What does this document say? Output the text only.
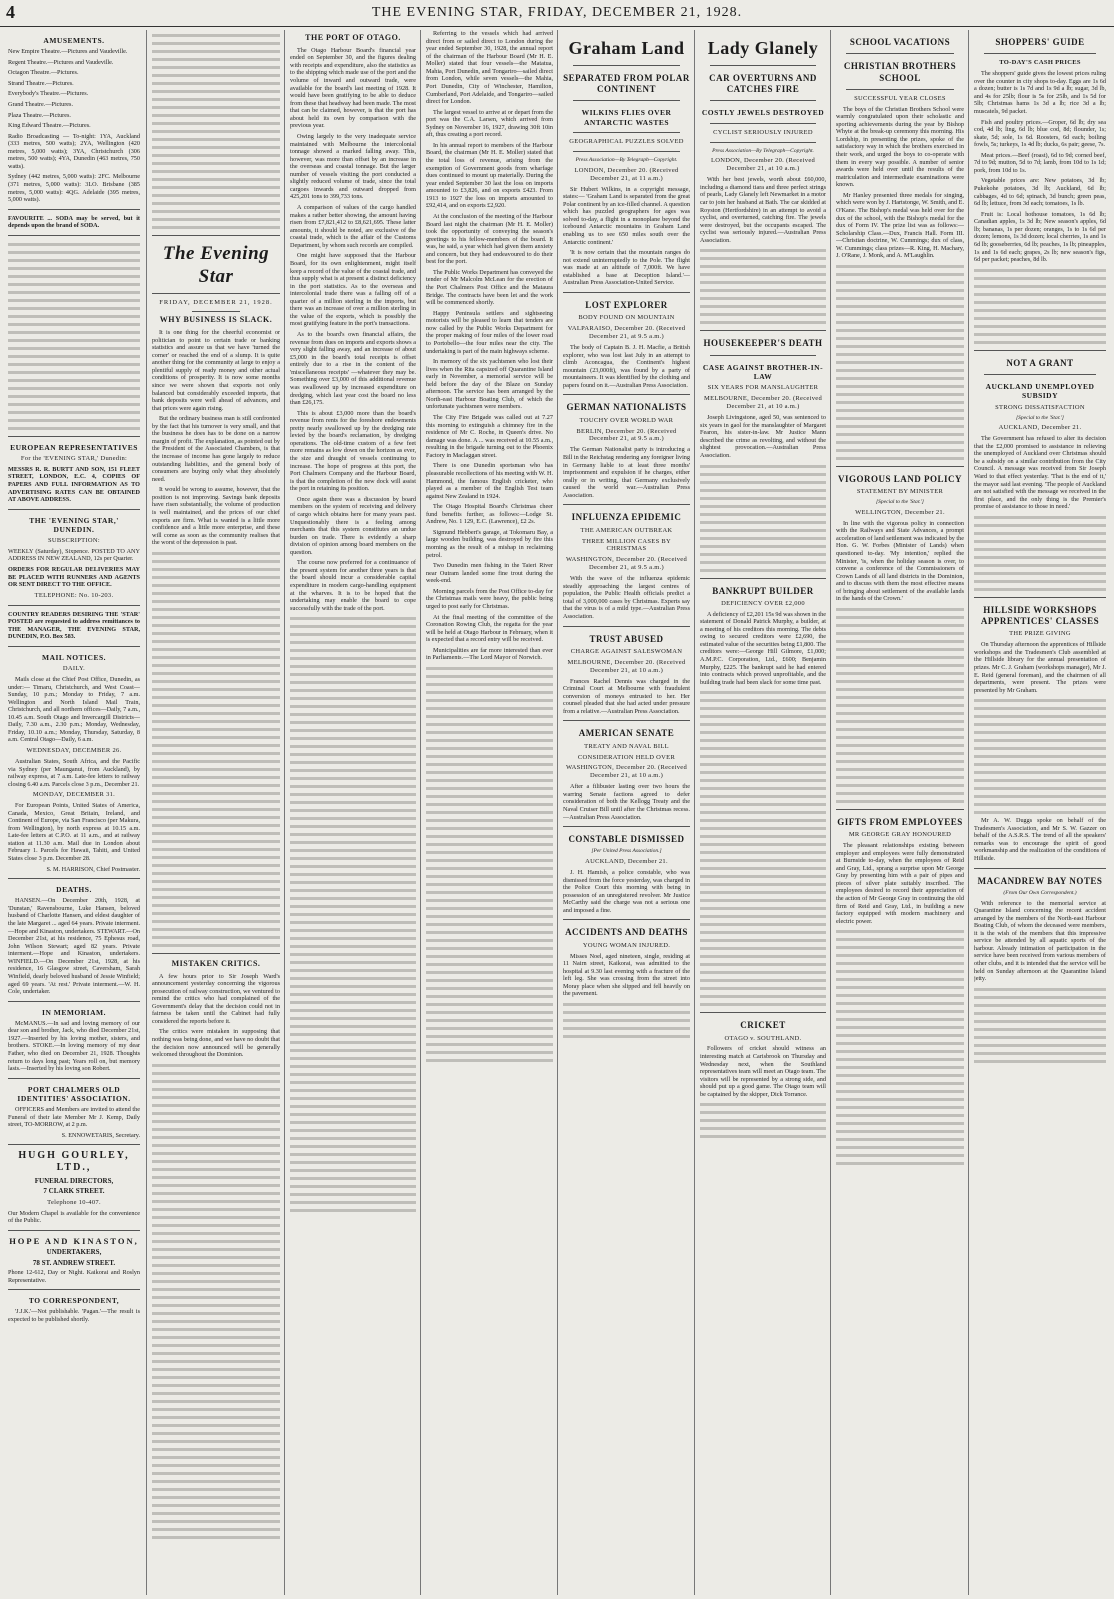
4	THE EVENING STAR, FRIDAY, DECEMBER 21, 1928.
AMUSEMENTS.

New Empire Theatre.—Pictures and Vaudeville.

Regent Theatre.—Pictures and Vaudeville.

Octagon Theatre.—Pictures.

Strand Theatre.—Pictures.

Everybody's Theatre.—Pictures.

Grand Theatre.—Pictures.

Plaza Theatre.—Pictures.

King Edward Theatre.—Pictures.

Radio Broadcasting — To-night: 1YA, Auckland (333 metres, 500 watts); 2YA, Wellington (420 metres, 5,000 watts); 3YA, Christchurch (306 metres, 500 watts); 4YA, Dunedin (463 metres, 750 watts).

Sydney (442 metres, 5,000 watts): 2FC. Melbourne (371 metres, 5,000 watts): 3LO. Brisbane (385 metres, 5,000 watts): 4QG. Adelaide (395 metres, 5,000 watts).

FAVOURITE ... SODA may be served, but it depends upon the brand of SODA.

EUROPEAN REPRESENTATIVES
For the 'EVENING STAR,' Dunedin:

MESSRS R. R. BURTT AND SON, 151 FLEET STREET, LONDON, E.C. 4, COPIES OF PAPERS AND FULL INFORMATION AS TO ADVERTISING RATES CAN BE OBTAINED AT ABOVE ADDRESS.

THE 'EVENING STAR,' DUNEDIN.
SUBSCRIPTION:

WEEKLY (Saturday), Sixpence. POSTED TO ANY ADDRESS IN NEW ZEALAND, 12s per Quarter.

ORDERS FOR REGULAR DELIVERIES MAY BE PLACED WITH RUNNERS AND AGENTS OR SENT DIRECT TO THE OFFICE.

TELEPHONE: No. 10-203.

COUNTRY READERS DESIRING THE 'STAR' POSTED are requested to address remittances to THE MANAGER, THE EVENING STAR, DUNEDIN, P.O. Box 583.

MAIL NOTICES.
DAILY.

Mails close at the Chief Post Office, Dunedin, as under:— Timaru, Christchurch, and West Coast—Sunday, 10 p.m.; Monday to Friday, 7 a.m. Wellington and North Island Mail Train, Christchurch, and all northern offices—Daily, 7 a.m., 10.45 a.m. South Otago and Invercargill Districts—Daily, 7.30 a.m., 2.30 p.m.; Monday, Wednesday, Friday, 10.10 a.m.; Monday, Thursday, Saturday, 8 a.m. Central Otago—Daily, 6 a.m.

WEDNESDAY, DECEMBER 26.

Australian States, South Africa, and the Pacific via Sydney (per Maunganui, from Auckland), by railway express, at 7 a.m. Late-fee letters to railway closing 6.40 a.m. Parcels close 3 p.m., December 21.

MONDAY, DECEMBER 31.

For European Points, United States of America, Canada, Mexico, Great Britain, Ireland, and Continent of Europe, via San Francisco (per Makura, from Wellington), by north express at 10.15 a.m. Late-fee letters at C.P.O. at 11 a.m., and at railway station at 11.30 a.m. Mail due in London about February 1. Parcels for Hawaii, Tahiti, and United States close 3 p.m. December 28.

S. M. HARRISON, Chief Postmaster.

DEATHS.

HANSEN.—On December 20th, 1928, at 'Dunstan,' Ravensbourne, Luke Hansen, beloved husband of Charlotte Hansen, and eldest daughter of the late Margaret ... aged 64 years. Private interment.—Hope and Kinaston, undertakers. STEWART.—On December 21st, at his residence, 75 Ephesus road, John Wilson Stewart; aged 82 years. Private interment.—Hope and Kinaston, undertakers. WINFIELD.—On December 21st, 1928, at his residence, 16 Glasgow street, Caversham, Sarah Winfield, dearly beloved husband of Jessie Winfield; aged 69 years. 'At rest.' Private interment.—W. H. Cole, undertaker.

IN MEMORIAM.

McMANUS.—In sad and loving memory of our dear son and brother, Jack, who died December 21st, 1927.—Inserted by his loving mother, sisters, and brothers. STOKE.—In loving memory of my dear Father, who died on December 21, 1928. Thoughts return to days long past; Years roll on, but memory lasts.—Inserted by his loving son Robert.

PORT CHALMERS OLD IDENTITIES' ASSOCIATION.

OFFICERS and Members are invited to attend the Funeral of their late Member Mr J. Kemp, Daily street, TO-MORROW, at 2 p.m.

S. ENNOWETARIS, Secretary.

HUGH GOURLEY, LTD.,
FUNERAL DIRECTORS,
7 CLARK STREET.
Telephone 10-407.

Our Modern Chapel is available for the convenience of the Public.

HOPE AND KINASTON,
UNDERTAKERS,
78 ST. ANDREW STREET.

Phone 12-612, Day or Night. Kaikorai and Roslyn Representative.

TO CORRESPONDENT,

'J.J.K.'—Not publishable. 'Pagan.'—The result is expected to be published shortly.

The Evening Star
FRIDAY, DECEMBER 21, 1928.
WHY BUSINESS IS SLACK.

It is one thing for the cheerful economist or politician to point to certain trade or banking statistics and assure us that we have 'turned the corner' or reached the end of a slump. It is quite another thing for the community at large to enjoy a plentiful supply of ready money and other actual conditions of prosperity. It is now some months since we were shown that exports not only balanced but considerably exceeded imports, that bank deposits were well ahead of advances, and that prices were again rising.

But the ordinary business man is still confronted by the fact that his turnover is very small, and that the business he does has to be done on a narrow margin of profit. The explanation, as pointed out by the President of the Associated Chambers, is that the increase of income has gone largely to reduce outstanding liabilities, and the general body of consumers are buying only what they absolutely need.

It would be wrong to assume, however, that the position is not improving. Savings bank deposits have risen substantially, the volume of production is well maintained, and the prices of our chief exports are firm. What is wanted is a little more confidence and a little more enterprise, and these will come as soon as the community realises that the worst of the depression is past.

MISTAKEN CRITICS.

A few hours prior to Sir Joseph Ward's announcement yesterday concerning the vigorous prosecution of railway construction, we ventured to remind the critics who had complained of the Government's delay that the decision could not in fairness be taken until the Cabinet had fully considered the reports before it.

The critics were mistaken in supposing that nothing was being done, and we have no doubt that the decision now announced will be generally welcomed throughout the Dominion.

THE PORT OF OTAGO.

The Otago Harbour Board's financial year ended on September 30, and the figures dealing with receipts and expenditure, also the statistics as to the shipping which made use of the port and the volume of inward and outward trade, were available for the board's last meeting of 1928. It would have been gratifying to be able to deduce from these that headway had been made. The most that can be claimed, however, is that the port has about held its own by comparison with the previous year.

Owing largely to the very inadequate service maintained with Melbourne the intercolonial tonnage showed a marked falling away. This, however, was more than offset by an increase in the overseas and coastal tonnage. But the larger number of vessels visiting the port conducted a slightly reduced volume of trade, since the total cargoes inwards and outward dropped from 425,201 tons to 399,733 tons.

A comparison of values of the cargo handled makes a rather better showing, the amount having risen from £7,821,412 to £8,621,695. These latter amounts, it should be noted, are exclusive of the coastal trade, which is the affair of the Customs Department, by whom such records are compiled.

One might have supposed that the Harbour Board, for its own enlightenment, might itself keep a record of the value of the coastal trade, and thus supply what is at present a distinct deficiency in the port statistics. As to the overseas and intercolonial trade there was a falling off of a quarter of a million sterling in the imports, but there was an increase of over a million sterling in the value of the exports, which is possibly the most gratifying feature in the port's transactions.

As to the board's own financial affairs, the revenue from dues on imports and exports shows a very slight falling away, and an increase of about £5,000 in the board's total receipts is offset entirely due to a rise in the content of the 'miscellaneous receipts' —whatever they may be. Something over £3,000 of this additional revenue was swallowed up by increased expenditure on dredging, which last year cost the board no less than £26,175.

This is about £3,000 more than the board's revenue from rents for the foreshore endowments pretty nearly swallowed up by the dredging rate levied by the board's reclamation, by dredging operations. The old-time custom of a few feet more remains as low down on the horizon as ever, the size and draught of vessels continuing to increase. The hope of progress at this port, the Port Chalmers Company and the Harbour Board, is that the completion of the new dock will assist the port in retaining its position.

Once again there was a discussion by board members on the system of receiving and delivery of cargo which obtains here for many years past. Unquestionably there is a feeling among merchants that this system constitutes an undue burden on trade. There is evidently a sharp division of opinion among board members on the question.

The course now preferred for a continuance of the present system for another three years is that the board should incur a considerable capital expenditure in modern cargo-handling equipment at the wharves. It is to be hoped that the undertaking may enable the board to cope successfully with the trade of the port.

Referring to the vessels which had arrived direct from or sailed direct to London during the year ended September 30, 1928, the annual report of the chairman of the Harbour Board (Mr H. E. Moller) stated that four vessels—the Matatua, Mahia, Port Dunedin, and Tongariro—sailed direct from London, while seven vessels—the Mahia, Port Dunedin, City of Winchester, Hamilton, Cumberland, Port Adelaide, and Tongariro—sailed direct for London.

The largest vessel to arrive at or depart from the port was the C.A. Larsen, which arrived from Sydney on November 16, 1927, drawing 30ft 10in aft, thus creating a port record.

In his annual report to members of the Harbour Board, the chairman (Mr H. E. Moller) stated that the total loss of revenue, arising from the exemption of Government goods from wharfage dues continued to mount up materially. During the year ended September 30 last the loss on imports amounted to £3,826, and on exports £423. From 1913 to 1927 the loss on imports amounted to £92,414, and on exports £2,920.

At the conclusion of the meeting of the Harbour Board last night the chairman (Mr H. E. Moller) took the opportunity of conveying the season's greetings to his fellow-members of the board. It was, he said, a year which had given them anxiety and concern, but they had endeavoured to do their best for the port.

The Public Works Department has conveyed the tender of Mr Malcolm McLean for the erection of the Port Chalmers Post Office and the Mataura Bridge. The contracts have been let and the work will be commenced shortly.

Happy Peninsula settlers and sightseeing motorists will be pleased to learn that tenders are now called by the Public Works Department for the proper making of four miles of the lower road to Portobello—the four miles near the city. The undertaking is part of the main highways scheme.

In memory of the six yachtsmen who lost their lives when the Rita capsized off Quarantine Island early in November, a memorial service will be held before the day of the Blaze on Sunday afternoon. The service has been arranged by the North-east Harbour Boating Club, of which the unfortunate yachtsmen were members.

The City Fire Brigade was called out at 7.27 this morning to extinguish a chimney fire in the residence of Mr C. Roche, in Queen's drive. No damage was done. A ... was received at 10.55 a.m., resulting in the brigade turning out to the Phoenix Factory in Maclaggan street.

There is one Dunedin sportsman who has pleasurable recollections of his meeting with W. H. Hammond, the famous English cricketer, who played as a member of the English Test team against New Zealand in 1924.

The Otago Hospital Board's Christmas cheer fund benefits further, as follows:—Lodge St. Andrew, No. 1 129, E.C. (Lawrence), £2 2s.

Sigmund Hebbert's garage, at Tokomaru Bay, a large wooden building, was destroyed by fire this morning as the result of a mishap in reclaiming petrol.

Two Dunedin men fishing in the Taieri River near Outram landed some fine trout during the week-end.

Morning parcels from the Post Office to-day for the Christmas mails were heavy, the public being urged to post early for Christmas.

At the final meeting of the committee of the Coronation Rowing Club, the regatta for the year will be held at Otago Harbour in February, when it is expected that a record entry will be received.

Municipalities are far more interested than ever in Parliaments.—The Lord Mayor of Norwich.

Graham Land
SEPARATED FROM POLAR CONTINENT
WILKINS FLIES OVER ANTARCTIC WASTES
GEOGRAPHICAL PUZZLES SOLVED
Press Association—By Telegraph—Copyright.
LONDON, December 20. (Received December 21, at 11 a.m.)

Sir Hubert Wilkins, in a copyright message, states:— 'Graham Land is separated from the great Polar continent by an ice-filled channel. A question which has puzzled geographers for ages was solved to-day, a flight in a monoplane beyond the icebound Antarctic mountains in Graham Land enabling us to see 650 miles south over the Antarctic continent.'

'It is now certain that the mountain ranges do not extend uninterruptedly to the Pole. The flight was made at an altitude of 7,000ft. We have established a base at Deception Island.'—Australian Press Association-United Service.

LOST EXPLORER
BODY FOUND ON MOUNTAIN
VALPARAISO, December 20. (Received December 21, at 9.5 a.m.)

The body of Captain B. J. H. Macfie, a British explorer, who was lost last July in an attempt to climb Aconcagua, the Continent's highest mountain (23,000ft), was found by a party of mountaineers. It was identified by the clothing and papers found on it.—Australian Press Association.

GERMAN NATIONALISTS
TOUCHY OVER WORLD WAR
BERLIN, December 20. (Received December 21, at 9.5 a.m.)

The German Nationalist party is introducing a Bill in the Reichstag rendering any foreigner living in Germany liable to at least three months' imprisonment and expulsion if he charges, either orally or in writing, that Germany exclusively caused the world war.—Australian Press Association.

INFLUENZA EPIDEMIC
THE AMERICAN OUTBREAK
THREE MILLION CASES BY CHRISTMAS
WASHINGTON, December 20. (Received December 21, at 9.5 a.m.)

With the wave of the influenza epidemic steadily approaching the largest centres of population, the Public Health officials predict a total of 3,000,000 cases by Christmas. Experts say that the virus is of a mild type.—Australian Press Association.

TRUST ABUSED
CHARGE AGAINST SALESWOMAN
MELBOURNE, December 20. (Received December 21, at 10 a.m.)

Frances Rachel Dennis was charged in the Criminal Court at Melbourne with fraudulent conversion of moneys entrusted to her. Her counsel pleaded that she had acted under pressure from a relative.—Australian Press Association.

AMERICAN SENATE
TREATY AND NAVAL BILL
CONSIDERATION HELD OVER
WASHINGTON, December 20. (Received December 21, at 10 a.m.)

After a filibuster lasting over two hours the warring Senate factions agreed to defer consideration of both the Kellogg Treaty and the Naval Cruiser Bill until after the Christmas recess.—Australian Press Association.

CONSTABLE DISMISSED
[Per United Press Association.]
AUCKLAND, December 21.

J. H. Hamish, a police constable, who was dismissed from the force yesterday, was charged in the Police Court this morning with being in possession of an unregistered revolver. Mr Justice McCarthy said the charge was not a serious one and imposed a fine.

ACCIDENTS AND DEATHS
YOUNG WOMAN INJURED.

Misses Noel, aged nineteen, single, residing at 11 Nairn street, Kaikorai, was admitted to the hospital at 9.30 last evening with a fracture of the left leg. She was crossing from the street into Moray place when she slipped and fell heavily on the pavement.

Lady Glanely
CAR OVERTURNS AND CATCHES FIRE
COSTLY JEWELS DESTROYED
CYCLIST SERIOUSLY INJURED
Press Association—By Telegraph—Copyright.
LONDON, December 20. (Received December 21, at 10 a.m.)

With her best jewels, worth about £60,000, including a diamond tiara and three perfect strings of pearls, Lady Glanely left Newmarket in a motor car to join her husband at Bath. The car skidded at Royston (Hertfordshire) in an attempt to avoid a cyclist, and overturned, catching fire. The jewels were destroyed, but the occupants escaped. The cyclist was seriously injured.—Australian Press Association.

HOUSEKEEPER'S DEATH
CASE AGAINST BROTHER-IN-LAW
SIX YEARS FOR MANSLAUGHTER
MELBOURNE, December 20. (Received December 21, at 10 a.m.)

Joseph Livingstone, aged 50, was sentenced to six years in gaol for the manslaughter of Margaret Fearon, his sister-in-law. Mr Justice Mann described the crime as revolting, and without the slightest provocation.—Australian Press Association.

BANKRUPT BUILDER
DEFICIENCY OVER £2,000

A deficiency of £2,201 15s 9d was shown in the statement of Donald Patrick Murphy, a builder, at a meeting of his creditors this morning. The debts owing to secured creditors were £2,690, the estimated value of the securities being £1,800. The creditors were:—George Hill Gilmore, £1,000; A.M.P.C. Corporation, Ltd., £600; Benjamin Murphy, £225. The bankrupt said he had entered into contracts which proved unprofitable, and the building trade had been slack for some time past.

CRICKET
OTAGO v. SOUTHLAND.

Followers of cricket should witness an interesting match at Carisbrook on Thursday and Wednesday next, when the Southland representatives team will meet an Otago team. The visitors will be represented by a strong side, and should put up a good game. The Otago team will be captained by the skipper, Dick Torrance.

SCHOOL VACATIONS
CHRISTIAN BROTHERS SCHOOL
SUCCESSFUL YEAR CLOSES

The boys of the Christian Brothers School were warmly congratulated upon their scholastic and sporting achievements during the year by Bishop Whyte at the break-up ceremony this morning. His Lordship, in presenting the prizes, spoke of the satisfactory way in which the brothers exercised in their work, and urged the boys to co-operate with them in every way possible. A number of senior awards were held over until the results of the matriculation and intermediate examinations were known.

Mr Hanley presented three medals for singing, which were won by J. Hartstonge, W. Smith, and E. O'Kane. The Bishop's medal was held over for the dux of the school, with the Bishop's medal for the dux of Form IV. The prize list was as follows:—Scholarship Class.—Dux, Francis Hall. Form III.—Christian doctrine, W. Cummings; dux of class, W. Cummings; class prizes—R. King, H. Machary, J. O'Rane, J. Monk, and A. M'Laughlin.

VIGOROUS LAND POLICY
STATEMENT BY MINISTER
[Special to the 'Star.']
WELLINGTON, December 21.

In line with the vigorous policy in connection with the Railways and State Advances, a prompt acceleration of land settlement was indicated by the Hon. G. W. Forbes (Minister of Lands) when questioned to-day. 'My intention,' replied the Minister, 'is, when the holiday season is over, to convene a conference of the Commissioners of Crown Lands of all land districts in the Dominion, and to discuss with them the most effective means of bringing about settlement of the available lands in the hands of the Crown.'

GIFTS FROM EMPLOYEES
MR GEORGE GRAY HONOURED

The pleasant relationships existing between employer and employees were fully demonstrated at Burnside to-day, when the employees of Reid and Gray, Ltd., sprang a surprise upon Mr George Gray by presenting him with a pair of pipes and pieces of silver plate suitably inscribed. The employees desired to record their appreciation of the action of Mr George Gray in continuing the old firm of Reid and Gray, Ltd., in building a new factory equipped with modern machinery and electric power.

SHOPPERS' GUIDE
TO-DAY'S CASH PRICES

The shoppers' guide gives the lowest prices ruling over the counter in city shops to-day. Eggs are 1s 6d a dozen; butter is 1s 7d and 1s 9d a lb; sugar, 3d lb, and 4s for 25lb; flour is 5s for 25lb, and 1s 5d for 5lb; Christmas hams 1s 3d a lb; rice 3d a lb; muscatels, 9d packet.

Fish and poultry prices.—Groper, 6d lb; dry sea cod, 4d lb; ling, 6d lb; blue cod, 8d; flounder, 1s; skate, 5d; sole, 1s 6d. Roosters, 6d each; boiling fowls, 5s; turkeys, 1s 4d lb; ducks, 6s pair; geese, 7s.

Meat prices.—Beef (roast), 6d to 9d; corned beef, 7d to 9d; mutton, 5d to 7d; lamb, from 10d to 1s 1d; pork, from 10d to 1s.

Vegetable prices are: New potatoes, 3d lb; Pukekohe potatoes, 3d lb; Auckland, 6d lb; cabbages, 4d to 6d; spinach, 3d bunch; green peas, 6d lb; lettuce, from 3d each; tomatoes, 1s lb.

Fruit is: Local hothouse tomatoes, 1s 6d lb; Canadian apples, 1s 3d lb; New season's apples, 6d lb; bananas, 1s per dozen; oranges, 1s to 1s 6d per dozen; lemons, 1s 3d dozen; local cherries, 1s and 1s 6d lb; gooseberries, 6d lb; peaches, 1s lb; pineapples, 1s and 1s 6d each; grapes, 2s lb; new season's figs, 6d per packet; peaches, 8d lb.

NOT A GRANT
AUCKLAND UNEMPLOYED SUBSIDY
STRONG DISSATISFACTION
[Special to the 'Star.']
AUCKLAND, December 21.

The Government has refused to alter its decision that the £2,000 promised to assistance in relieving the unemployed of Auckland over Christmas should be a subsidy on a similar contribution from the City Council. A message was received from Sir Joseph Ward to that effect yesterday. 'That is the end of it,' the mayor said last evening. 'The people of Auckland are not satisfied with the message we received in the first place, and the only thing is the Premier's promise of assistance to those in need.'

HILLSIDE WORKSHOPS APPRENTICES' CLASSES
THE PRIZE GIVING

On Thursday afternoon the apprentices of Hillside workshops and the Tradesmen's Club assembled at the Hillside library for the annual presentation of prizes. Mr C. J. Graham (workshops manager), Mr J. E. Reid (general foreman), and the chairmen of all departments, were present. The prizes were presented by Mr Graham.

Mr A. W. Duggs spoke on behalf of the Tradesmen's Association, and Mr S. W. Gazzer on behalf of the A.S.R.S. The trend of all the speakers' remarks was to encourage the spirit of good workmanship and the realization of the conditions of Hillside.

MACANDREW BAY NOTES
(From Our Own Correspondent.)

With reference to the memorial service at Quarantine Island concerning the recent accident arranged by the members of the North-east Harbour Boating Club, of whom the deceased were members, it is the wish of the members that this impressive service be attended by all aquatic sports of the harbour. Already intimation of participation in the service have been received from various members of other clubs, and it is intended that the service will be held on Sunday afternoon at the Quarantine Island jetty.
